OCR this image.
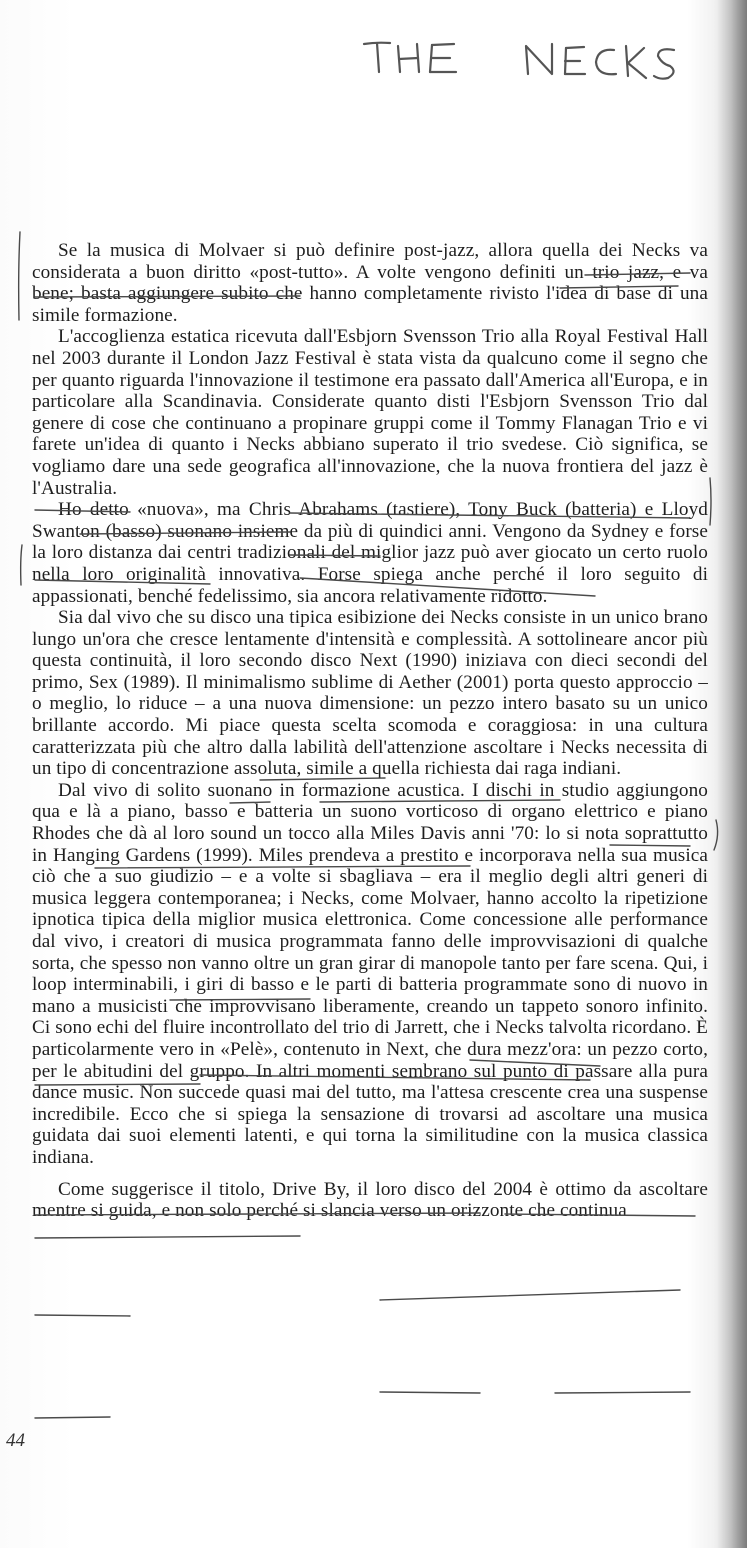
Se la musica di Molvaer si può definire post-jazz, allora quella dei Necks va considerata a buon diritto «post-tutto». A volte vengono definiti un trio jazz, e va bene; basta aggiungere subito che hanno completamente rivisto l'idea di base di una simile formazione.

L'accoglienza estatica ricevuta dall'Esbjorn Svensson Trio alla Royal Festival Hall nel 2003 durante il London Jazz Festival è stata vista da qualcuno come il segno che per quanto riguarda l'innovazione il testimone era passato dall'America all'Europa, e in particolare alla Scandinavia. Considerate quanto disti l'Esbjorn Svensson Trio dal genere di cose che continuano a propinare gruppi come il Tommy Flanagan Trio e vi farete un'idea di quanto i Necks abbiano superato il trio svedese. Ciò significa, se vogliamo dare una sede geografica all'innovazione, che la nuova frontiera del jazz è l'Australia.

Ho detto «nuova», ma Chris Abrahams (tastiere), Tony Buck (batteria) e Lloyd Swanton (basso) suonano insieme da più di quindici anni. Vengono da Sydney e forse la loro distanza dai centri tradizionali del miglior jazz può aver giocato un certo ruolo nella loro originalità innovativa. Forse spiega anche perché il loro seguito di appassionati, benché fedelissimo, sia ancora relativamente ridotto.

Sia dal vivo che su disco una tipica esibizione dei Necks consiste in un unico brano lungo un'ora che cresce lentamente d'intensità e complessità. A sottolineare ancor più questa continuità, il loro secondo disco Next (1990) iniziava con dieci secondi del primo, Sex (1989). Il minimalismo sublime di Aether (2001) porta questo approccio – o meglio, lo riduce – a una nuova dimensione: un pezzo intero basato su un unico brillante accordo. Mi piace questa scelta scomoda e coraggiosa: in una cultura caratterizzata più che altro dalla labilità dell'attenzione ascoltare i Necks necessita di un tipo di concentrazione assoluta, simile a quella richiesta dai raga indiani.

Dal vivo di solito suonano in formazione acustica. I dischi in studio aggiungono qua e là a piano, basso e batteria un suono vorticoso di organo elettrico e piano Rhodes che dà al loro sound un tocco alla Miles Davis anni '70: lo si nota soprattutto in Hanging Gardens (1999). Miles prendeva a prestito e incorporava nella sua musica ciò che a suo giudizio – e a volte si sbagliava – era il meglio degli altri generi di musica leggera contemporanea; i Necks, come Molvaer, hanno accolto la ripetizione ipnotica tipica della miglior musica elettronica. Come concessione alle performance dal vivo, i creatori di musica programmata fanno delle improvvisazioni di qualche sorta, che spesso non vanno oltre un gran girar di manopole tanto per fare scena. Qui, i loop interminabili, i giri di basso e le parti di batteria programmate sono di nuovo in mano a musicisti che improvvisano liberamente, creando un tappeto sonoro infinito. Ci sono echi del fluire incontrollato del trio di Jarrett, che i Necks talvolta ricordano. È particolarmente vero in «Pelè», contenuto in Next, che dura mezz'ora: un pezzo corto, per le abitudini del gruppo. In altri momenti sembrano sul punto di passare alla pura dance music. Non succede quasi mai del tutto, ma l'attesa crescente crea una suspense incredibile. Ecco che si spiega la sensazione di trovarsi ad ascoltare una musica guidata dai suoi elementi latenti, e qui torna la similitudine con la musica classica indiana.

Come suggerisce il titolo, Drive By, il loro disco del 2004 è ottimo da ascoltare mentre si guida, e non solo perché si slancia verso un orizzonte che continua

44
